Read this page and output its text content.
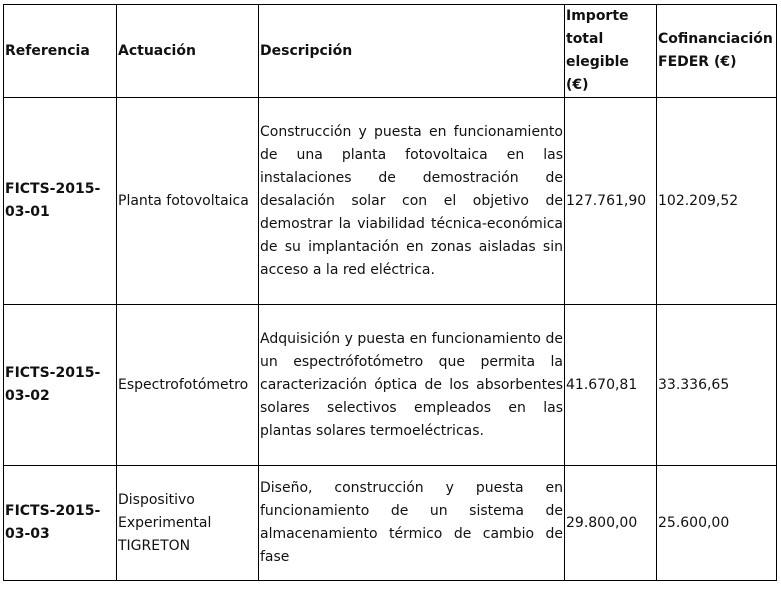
Referencia	Actuación	Descripción	Importe total elegible (€)	Cofinanciación FEDER (€)
FICTS-2015-03-01	Planta fotovoltaica	Construcción y puesta en funcionamiento de una planta fotovoltaica en las instalaciones de demostración de desalación solar con el objetivo de demostrar la viabilidad técnica-económica de su implantación en zonas aisladas sin acceso a la red eléctrica.	127.761,90	102.209,52
FICTS-2015-03-02	Espectrofotómetro	Adquisición y puesta en funcionamiento de un espectrófotómetro que permita la caracterización óptica de los absorbentes solares selectivos empleados en las plantas solares termoeléctricas.	41.670,81	33.336,65
FICTS-2015-03-03	Dispositivo Experimental TIGRETON	Diseño, construcción y puesta en funcionamiento de un sistema de almacenamiento térmico de cambio de fase	29.800,00	25.600,00
